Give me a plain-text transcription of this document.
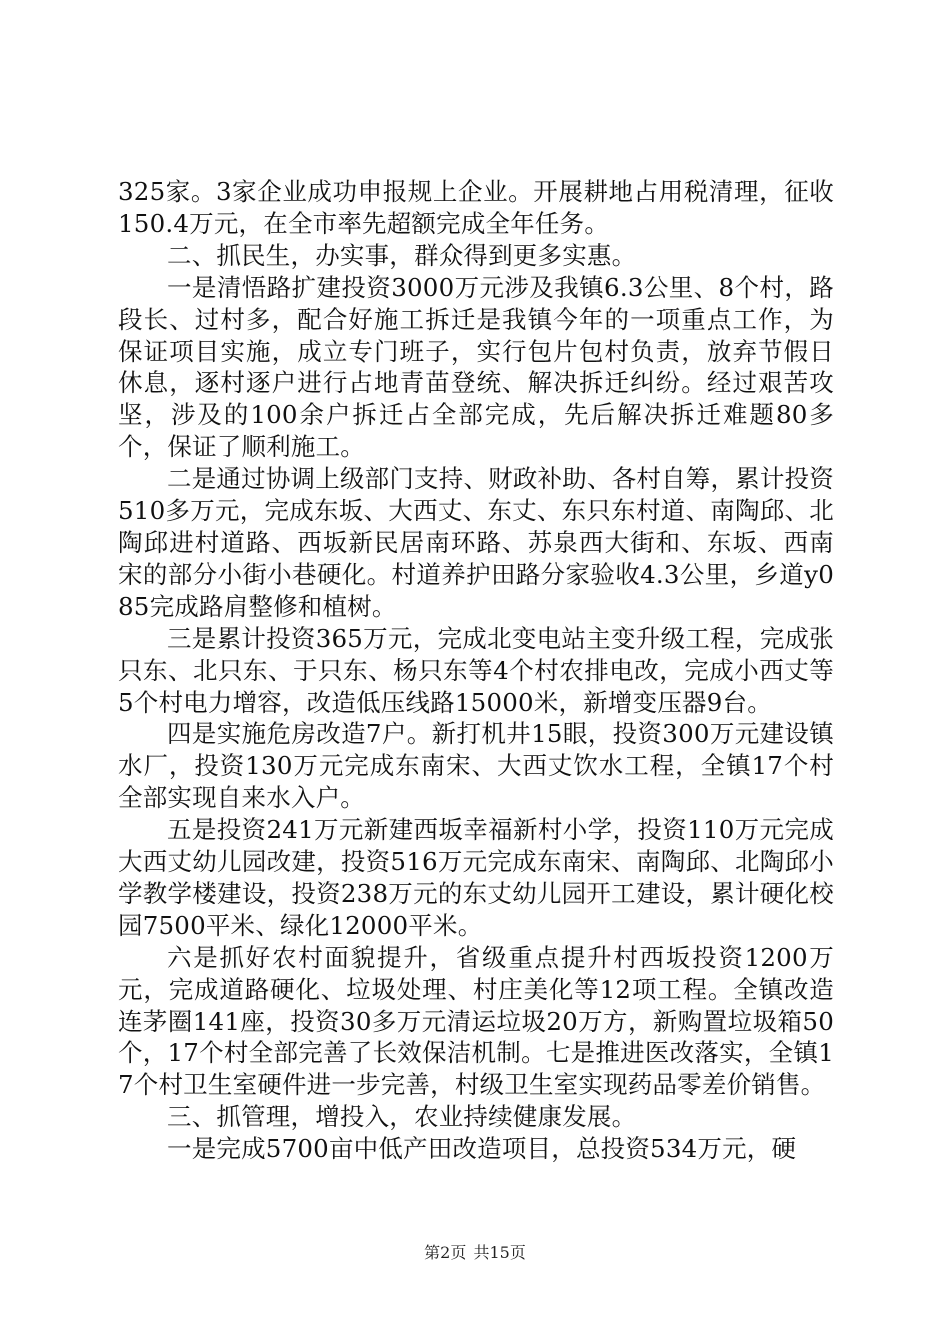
325家。3家企业成功申报规上企业。开展耕地占用税清理，征收150.4万元，在全市率先超额完成全年任务。

二、抓民生，办实事，群众得到更多实惠。

一是清悟路扩建投资3000万元涉及我镇6.3公里、8个村，路段长、过村多，配合好施工拆迁是我镇今年的一项重点工作，为保证项目实施，成立专门班子，实行包片包村负责，放弃节假日休息，逐村逐户进行占地青苗登统、解决拆迁纠纷。经过艰苦攻坚，涉及的100余户拆迁占全部完成，先后解决拆迁难题80多个，保证了顺利施工。

二是通过协调上级部门支持、财政补助、各村自筹，累计投资510多万元，完成东坂、大西丈、东丈、东只东村道、南陶邱、北陶邱进村道路、西坂新民居南环路、苏泉西大街和、东坂、西南宋的部分小街小巷硬化。村道养护田路分家验收4.3公里，乡道y085完成路肩整修和植树。

三是累计投资365万元，完成北变电站主变升级工程，完成张只东、北只东、于只东、杨只东等4个村农排电改，完成小西丈等5个村电力增容，改造低压线路15000米，新增变压器9台。

四是实施危房改造7户。新打机井15眼，投资300万元建设镇水厂，投资130万元完成东南宋、大西丈饮水工程，全镇17个村全部实现自来水入户。

五是投资241万元新建西坂幸福新村小学，投资110万元完成大西丈幼儿园改建，投资516万元完成东南宋、南陶邱、北陶邱小学教学楼建设，投资238万元的东丈幼儿园开工建设，累计硬化校园7500平米、绿化12000平米。

六是抓好农村面貌提升，省级重点提升村西坂投资1200万元，完成道路硬化、垃圾处理、村庄美化等12项工程。全镇改造连茅圈141座，投资30多万元清运垃圾20万方，新购置垃圾箱50个，17个村全部完善了长效保洁机制。七是推进医改落实，全镇17个村卫生室硬件进一步完善，村级卫生室实现药品零差价销售。

三、抓管理，增投入，农业持续健康发展。

一是完成5700亩中低产田改造项目，总投资534万元，硬

第2页 共15页
